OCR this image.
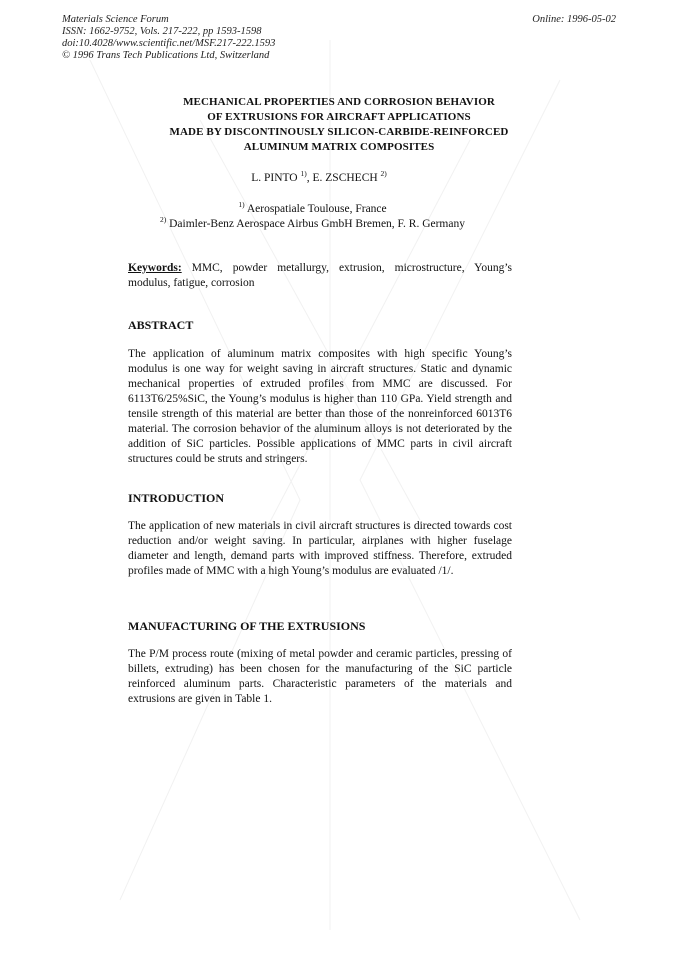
Materials Science Forum
ISSN: 1662-9752, Vols. 217-222, pp 1593-1598
doi:10.4028/www.scientific.net/MSF.217-222.1593
© 1996 Trans Tech Publications Ltd, Switzerland
Online: 1996-05-02
MECHANICAL PROPERTIES AND CORROSION BEHAVIOR
OF EXTRUSIONS FOR AIRCRAFT APPLICATIONS
MADE BY DISCONTINOUSLY SILICON-CARBIDE-REINFORCED
ALUMINUM MATRIX COMPOSITES
L. PINTO $^{1)}$, E. ZSCHECH $^{2)}$
$^{1)}$ Aerospatiale Toulouse, France
$^{2)}$ Daimler-Benz Aerospace Airbus GmbH Bremen, F. R. Germany
Keywords: MMC, powder metallurgy, extrusion, microstructure, Young’s modulus, fatigue, corrosion
ABSTRACT
The application of aluminum matrix composites with high specific Young’s modulus is one way for weight saving in aircraft structures. Static and dynamic mechanical properties of extruded profiles from MMC are discussed. For 6113T6/25%SiC, the Young’s modulus is higher than 110 GPa. Yield strength and tensile strength of this material are better than those of the nonreinforced 6013T6 material. The corrosion behavior of the aluminum alloys is not deteriorated by the addition of SiC particles. Possible applications of MMC parts in civil aircraft structures could be struts and stringers.
INTRODUCTION
The application of new materials in civil aircraft structures is directed towards cost reduction and/or weight saving. In particular, airplanes with higher fuselage diameter and length, demand parts with improved stiffness. Therefore, extruded profiles made of MMC with a high Young’s modulus are evaluated /1/.
MANUFACTURING OF THE EXTRUSIONS
The P/M process route (mixing of metal powder and ceramic particles, pressing of billets, extruding) has been chosen for the manufacturing of the SiC particle reinforced aluminum parts. Characteristic parameters of the materials and extrusions are given in Table 1.
